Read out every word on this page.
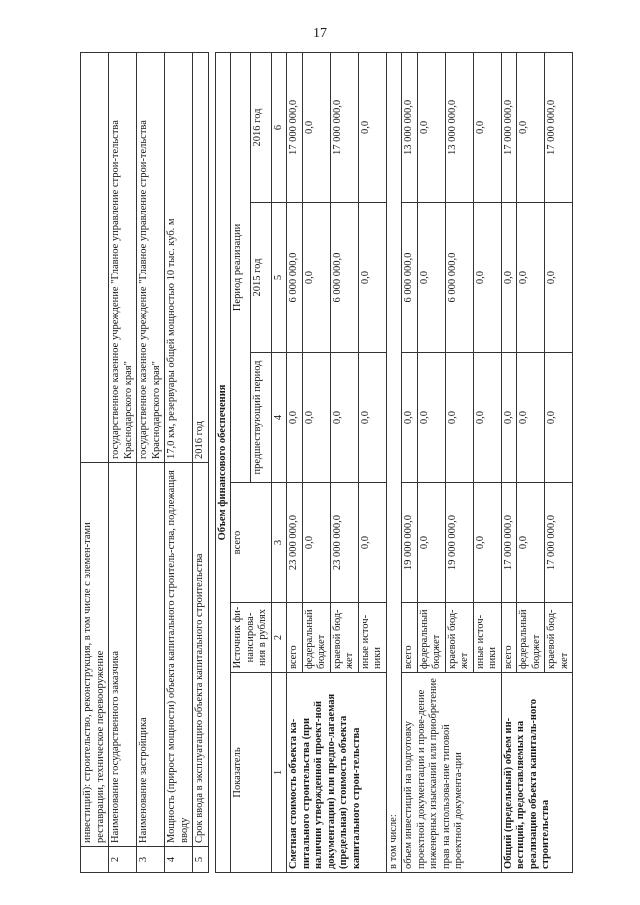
17
	инвестиций): строительство, реконструкция, в том числе с элемен-тами реставрации, техническое перевооружение	
2	Наименование государственного заказчика	государственное казенное учреждение "Главное управление строи-тельства Краснодарского края"
3	Наименование застройщика	государственное казенное учреждение "Главное управление строи-тельства Краснодарского края"
4	Мощность (прирост мощности) объекта капитального строитель-ства, подлежащая вводу	17,0 км, резервуары общей мощностью 10 тыс. куб. м
5	Срок ввода в эксплуатацию объекта капитального строительства	2016 год Объем финансового обеспечения					
Показатель	Источник фи-нансирова-ния в рублях	всего	Период реализации		
			предшествующий период	2015 год	2016 год
1	2	3	4	5	6
Сметная стоимость объекта ка-питального строительства (при наличии утвержденной проект-ной документации) или предпо-лагаемая (предельная) стоимость объекта капитального строи-тельства	всего	23 000 000,0	0,0	6 000 000,0	17 000 000,0
	федеральный бюджет	0,0	0,0	0,0	0,0
	краевой бюд-жет	23 000 000,0	0,0	6 000 000,0	17 000 000,0
	иные источ-ники	0,0	0,0	0,0	0,0
в том числе:					
объем инвестиций на подготовку проектной документации и прове-дение инженерных изысканий или приобретение прав на использова-ние типовой проектной документа-ции	всего	19 000 000,0	0,0	6 000 000,0	13 000 000,0
	федеральный бюджет	0,0	0,0	0,0	0,0
	краевой бюд-жет	19 000 000,0	0,0	6 000 000,0	13 000 000,0
	иные источ-ники	0,0	0,0	0,0	0,0
Общий (предельный) объем ин-вестиций, предоставляемых на реализацию объекта капиталь-ного строительства	всего	17 000 000,0	0,0	0,0	17 000 000,0
	федеральный бюджет	0,0	0,0	0,0	0,0
	краевой бюд-жет	17 000 000,0	0,0	0,0	17 000 000,0
